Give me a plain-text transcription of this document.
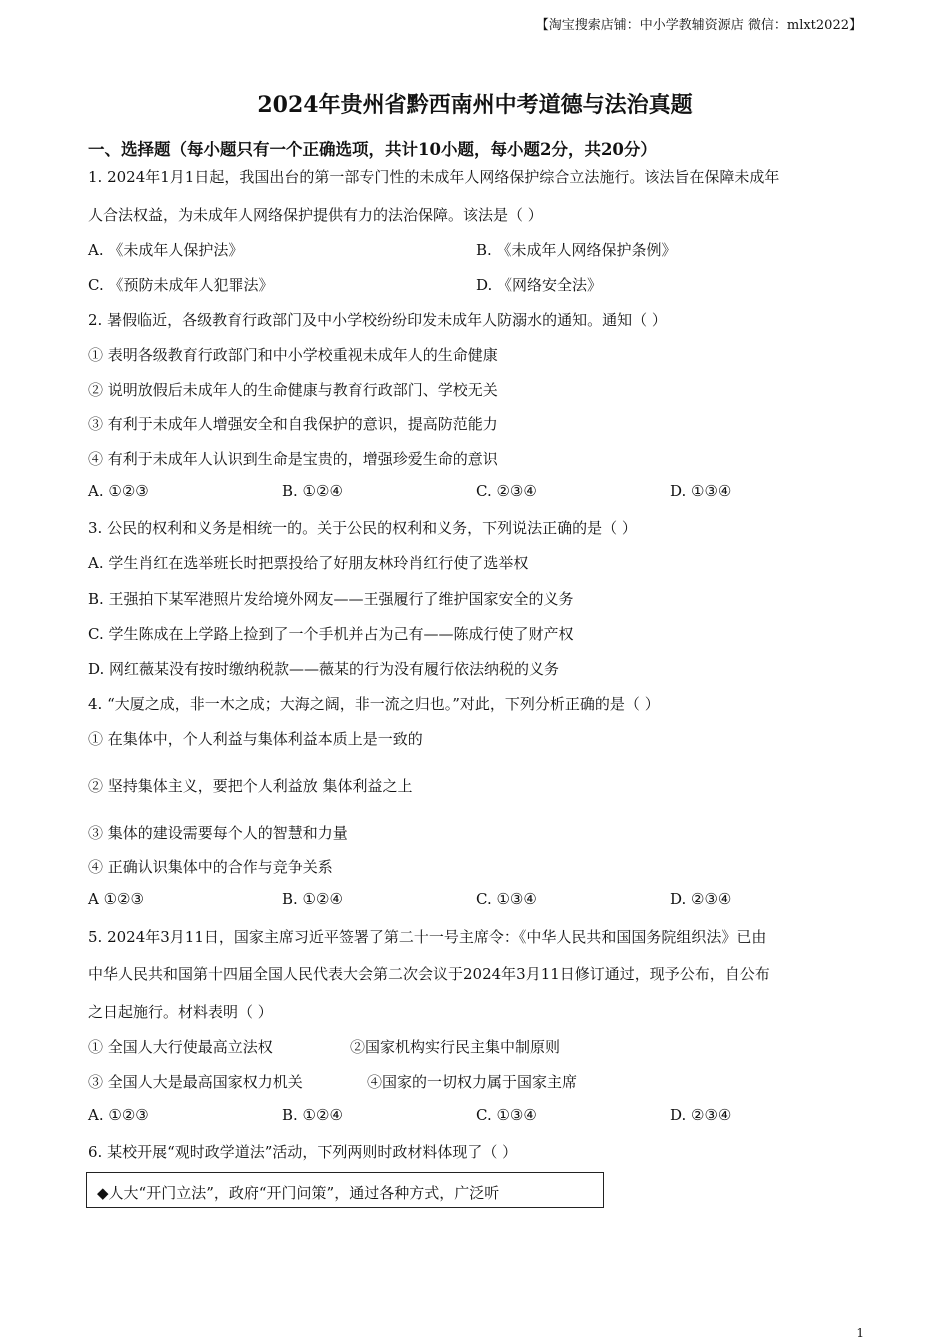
【淘宝搜索店铺：中小学教辅资源店 微信：mlxt2022】
2024年贵州省黔西南州中考道德与法治真题
一、选择题（每小题只有一个正确选项，共计10小题，每小题2分，共20分）
1. 2024年1月1日起，我国出台的第一部专门性的未成年人网络保护综合立法施行。该法旨在保障未成年
人合法权益，为未成年人网络保护提供有力的法治保障。该法是（ ）
A. 《未成年人保护法》	B. 《未成年人网络保护条例》
C. 《预防未成年人犯罪法》	D. 《网络安全法》
2. 暑假临近，各级教育行政部门及中小学校纷纷印发未成年人防溺水的通知。通知（ ）
① 表明各级教育行政部门和中小学校重视未成年人的生命健康
② 说明放假后未成年人的生命健康与教育行政部门、学校无关
③ 有利于未成年人增强安全和自我保护的意识，提高防范能力
④ 有利于未成年人认识到生命是宝贵的，增强珍爱生命的意识
A. ①②③	B. ①②④	C. ②③④	D. ①③④
3. 公民的权利和义务是相统一的。关于公民的权利和义务，下列说法正确的是（ ）
A. 学生肖红在选举班长时把票投给了好朋友林玲肖红行使了选举权
B. 王强拍下某军港照片发给境外网友——王强履行了维护国家安全的义务
C. 学生陈成在上学路上捡到了一个手机并占为己有——陈成行使了财产权
D. 网红薇某没有按时缴纳税款——薇某的行为没有履行依法纳税的义务
4. “大厦之成，非一木之成；大海之阔，非一流之归也。”对此，下列分析正确的是（ ）
① 在集体中，个人利益与集体利益本质上是一致的
② 坚持集体主义，要把个人利益放 集体利益之上
③ 集体的建设需要每个人的智慧和力量
④ 正确认识集体中的合作与竞争关系
A ①②③	B. ①②④	C. ①③④	D. ②③④
5. 2024年3月11日，国家主席习近平签署了第二十一号主席令：《中华人民共和国国务院组织法》已由
中华人民共和国第十四届全国人民代表大会第二次会议于2024年3月11日修订通过，现予公布，自公布
之日起施行。材料表明（ ）
① 全国人大行使最高立法权	②国家机构实行民主集中制原则
③ 全国人大是最高国家权力机关	④国家的一切权力属于国家主席
A. ①②③	B. ①②④	C. ①③④	D. ②③④
6. 某校开展“观时政学道法”活动，下列两则时政材料体现了（ ）
◆人大“开门立法”，政府“开门问策”，通过各种方式，广泛听
1
